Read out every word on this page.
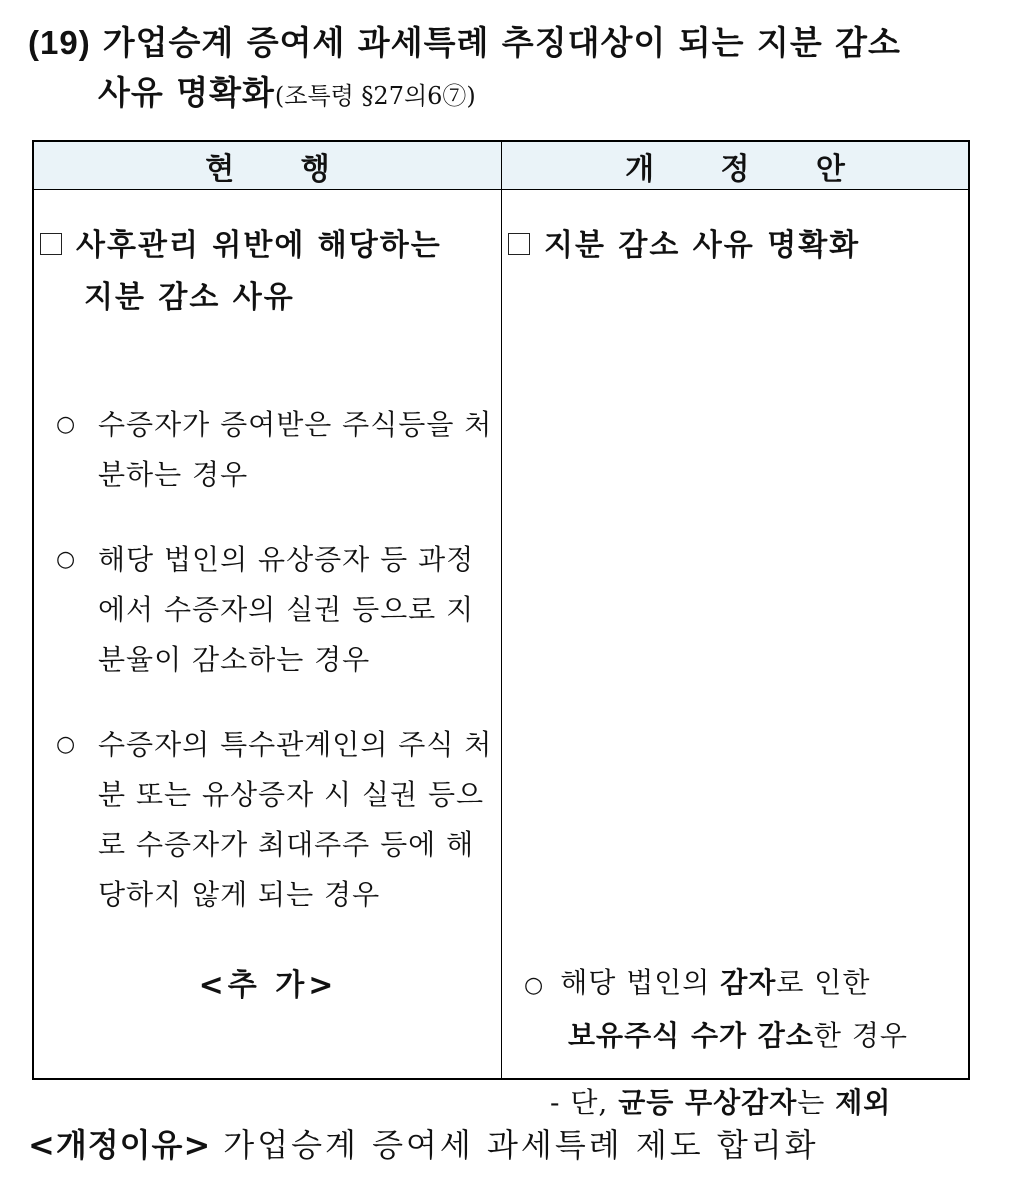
(19) 가업승계 증여세 과세특례 추징대상이 되는 지분 감소
사유 명확화(조특령 §27의6⑦)
현 행	개 정 안
사후관리 위반에 해당하는
지분 감소 사유
○ 수증자가 증여받은 주식등을 처분하는 경우
○ 해당 법인의 유상증자 등 과정에서 수증자의 실권 등으로 지분율이 감소하는 경우
○ 수증자의 특수관계인의 주식 처분 또는 유상증자 시 실권 등으로 수증자가 최대주주 등에 해당하지 않게 되는 경우
<추 가>
지분 감소 사유 명확화
○ 해당 법인의 감자로 인한
보유주식 수가 감소한 경우
- 단, 균등 무상감자는 제외
<개정이유> 가업승계 증여세 과세특례 제도 합리화
